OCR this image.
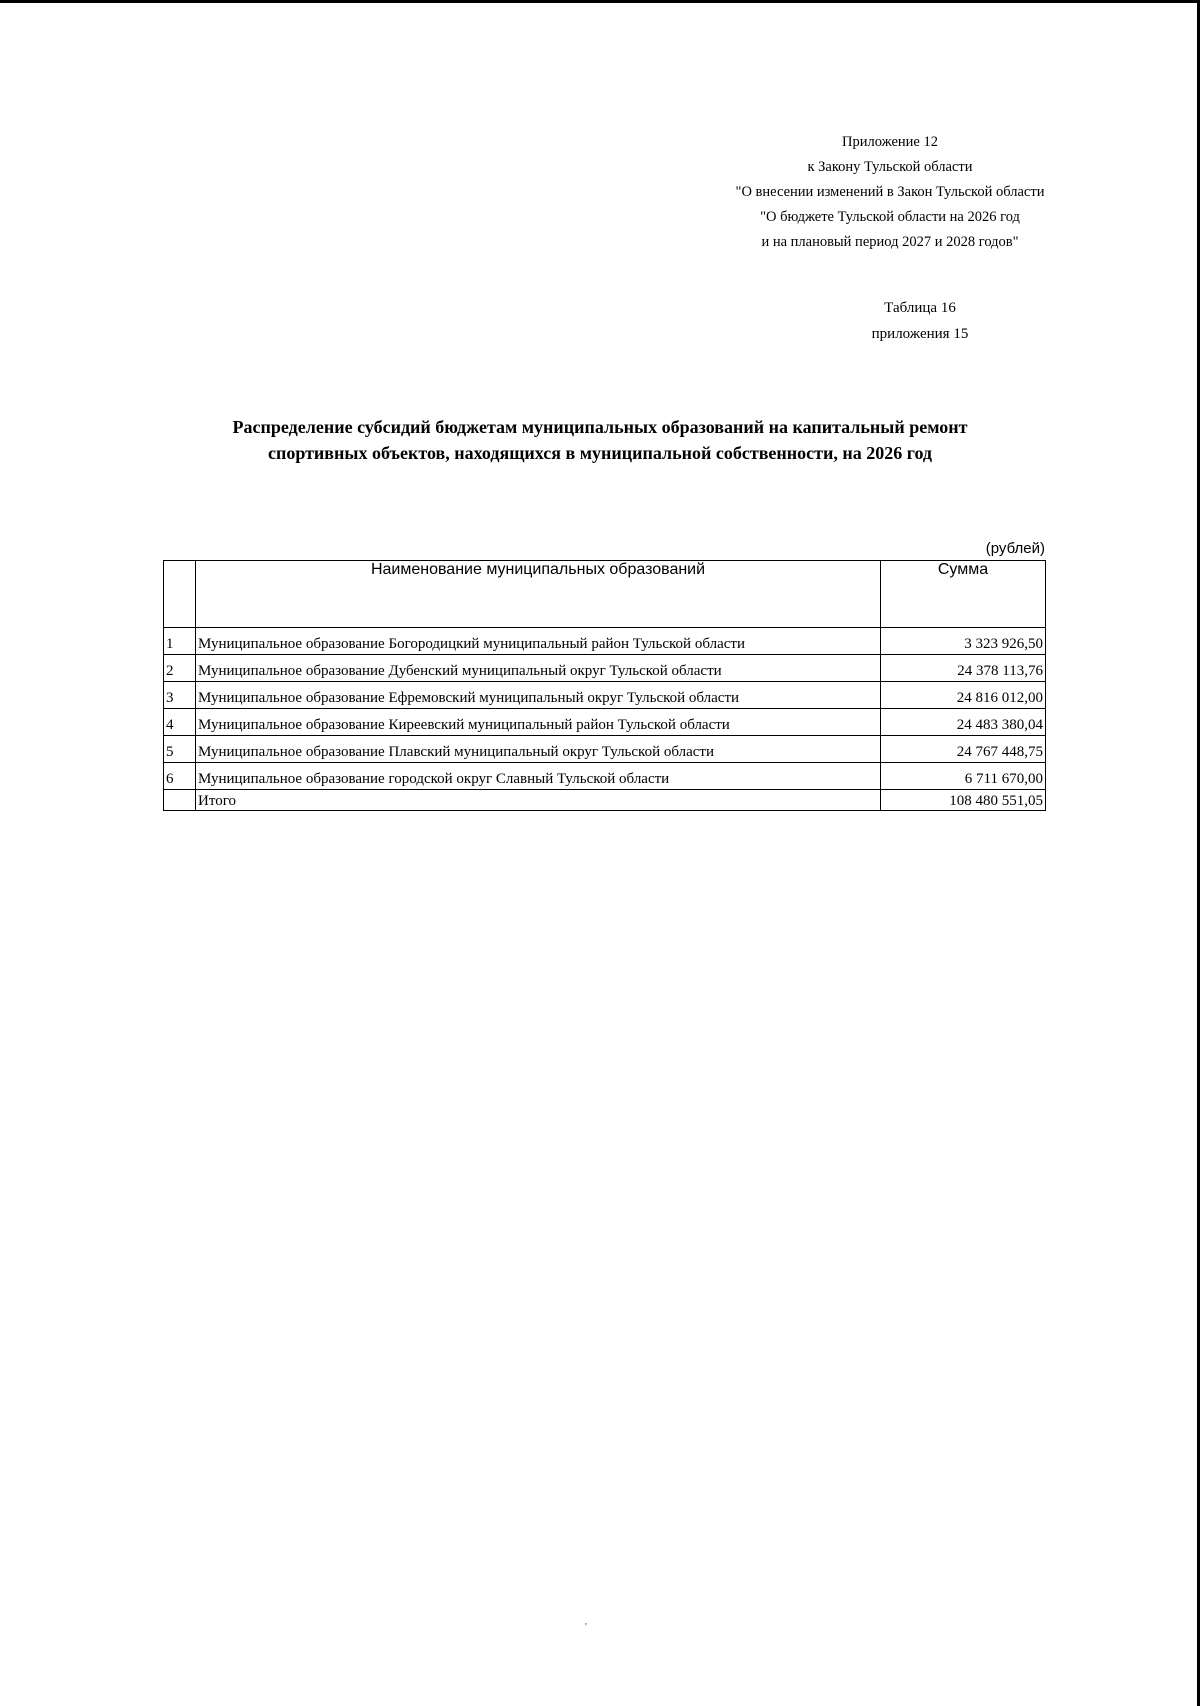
Приложение 12
к Закону Тульской области
"О внесении изменений в Закон Тульской области
"О бюджете Тульской области на 2026 год
и на плановый период 2027 и 2028 годов"
Таблица 16
приложения 15
Распределение субсидий бюджетам муниципальных образований на капитальный ремонт
спортивных объектов, находящихся в муниципальной собственности, на 2026 год
(рублей)
	Наименование муниципальных образований	Сумма
1	Муниципальное образование Богородицкий муниципальный район Тульской области	3 323 926,50
2	Муниципальное образование Дубенский муниципальный округ Тульской области	24 378 113,76
3	Муниципальное образование Ефремовский муниципальный округ Тульской области	24 816 012,00
4	Муниципальное образование Киреевский муниципальный район Тульской области	24 483 380,04
5	Муниципальное образование Плавский муниципальный округ Тульской области	24 767 448,75
6	Муниципальное образование городской округ Славный Тульской области	6 711 670,00
	Итого	108 480 551,05
'
